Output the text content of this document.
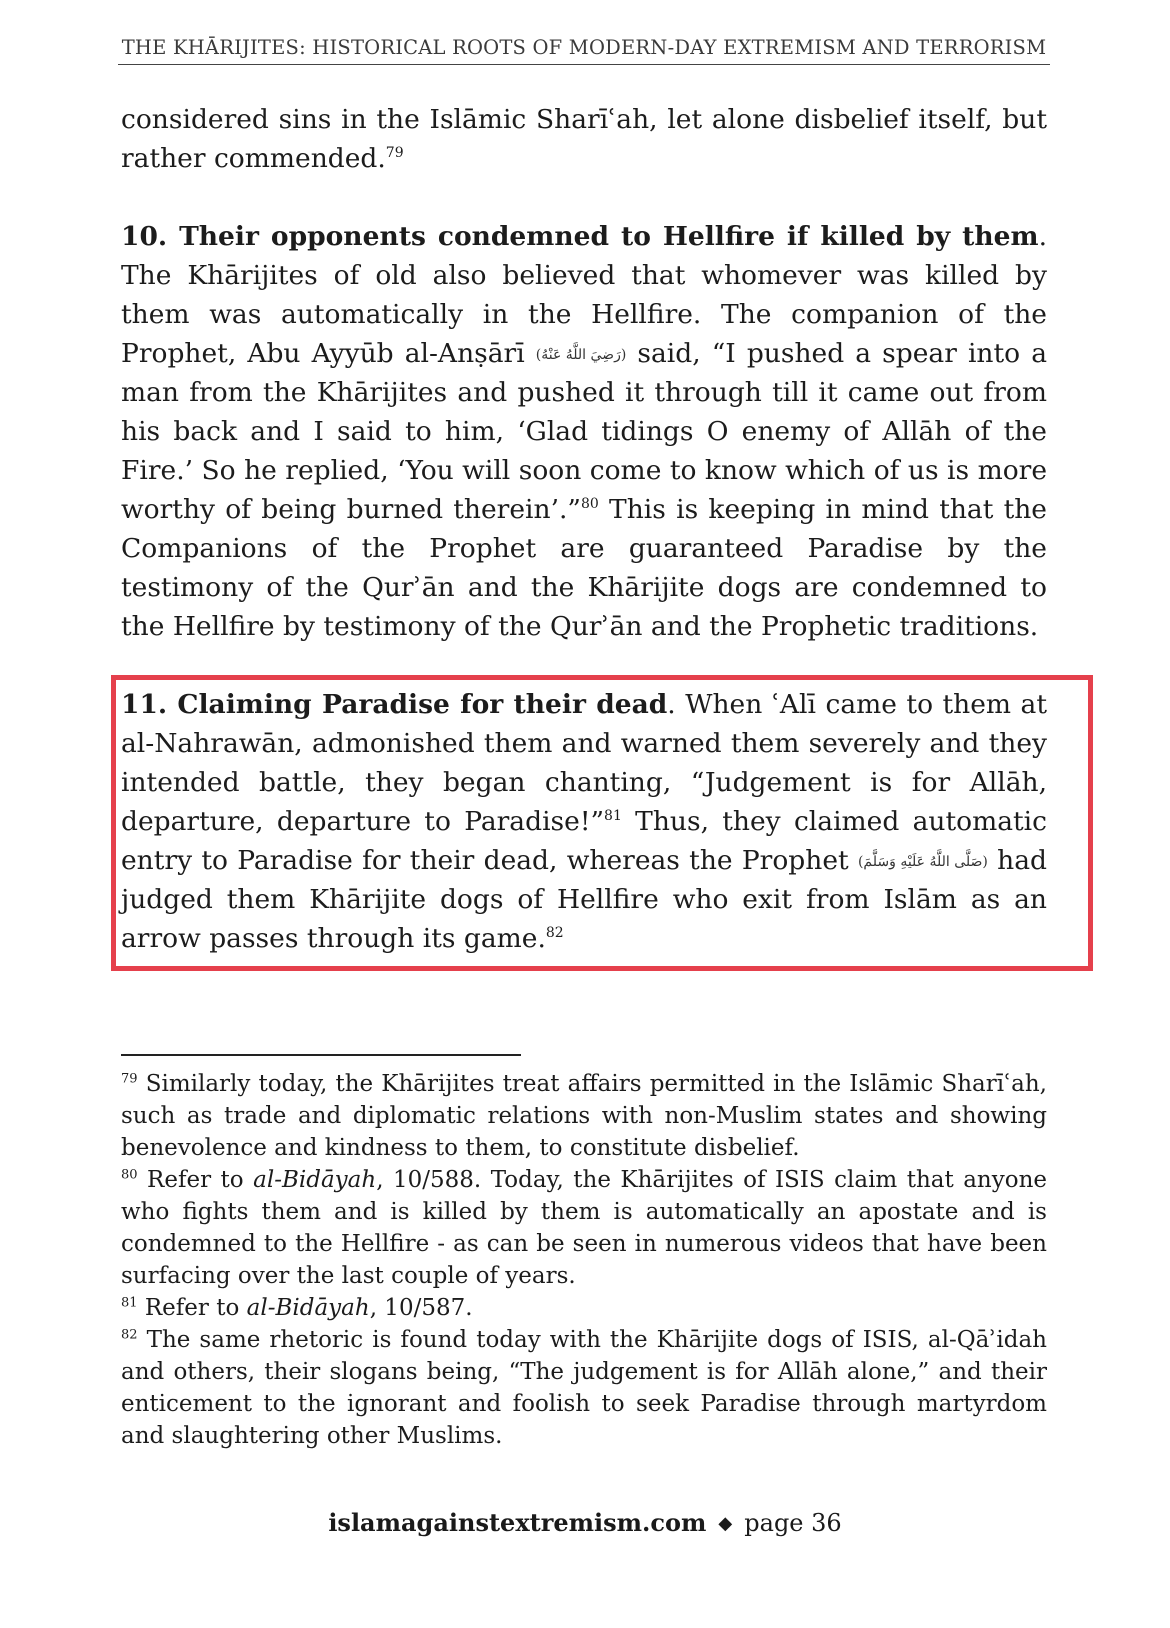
THE KHĀRIJITES: HISTORICAL ROOTS OF MODERN-DAY EXTREMISM AND TERRORISM
considered sins in the Islāmic Sharīʿah, let alone disbelief itself, but rather commended.$^{79}$
10. Their opponents condemned to Hellfire if killed by them. The Khārijites of old also believed that whomever was killed by them was automatically in the Hellfire. The companion of the Prophet, Abu Ayyūb al-Anṣārī (رَضِيَ اللَّهُ عَنْهُ) said, “I pushed a spear into a man from the Khārijites and pushed it through till it came out from his back and I said to him, ‘Glad tidings O enemy of Allāh of the Fire.’ So he replied, ‘You will soon come to know which of us is more worthy of being burned therein’.”$^{80}$ This is keeping in mind that the Companions of the Prophet are guaranteed Paradise by the testimony of the Qurʾān and the Khārijite dogs are condemned to the Hellfire by testimony of the Qurʾān and the Prophetic traditions.
11. Claiming Paradise for their dead. When ʿAlī came to them at al-Nahrawān, admonished them and warned them severely and they intended battle, they began chanting, “Judgement is for Allāh, departure, departure to Paradise!”$^{81}$ Thus, they claimed automatic entry to Paradise for their dead, whereas the Prophet (صَلَّى اللَّهُ عَلَيْهِ وَسَلَّمَ) had judged them Khārijite dogs of Hellfire who exit from Islām as an arrow passes through its game.$^{82}$

$^{79}$ Similarly today, the Khārijites treat affairs permitted in the Islāmic Sharīʿah, such as trade and diplomatic relations with non-Muslim states and showing benevolence and kindness to them, to constitute disbelief.

$^{80}$ Refer to al-Bidāyah, 10/588. Today, the Khārijites of ISIS claim that anyone who fights them and is killed by them is automatically an apostate and is condemned to the Hellfire - as can be seen in numerous videos that have been surfacing over the last couple of years.

$^{81}$ Refer to al-Bidāyah, 10/587.

$^{82}$ The same rhetoric is found today with the Khārijite dogs of ISIS, al-Qāʾidah and others, their slogans being, “The judgement is for Allāh alone,” and their enticement to the ignorant and foolish to seek Paradise through martyrdom and slaughtering other Muslims.

islamagainstextremism.com ◆ page 36
